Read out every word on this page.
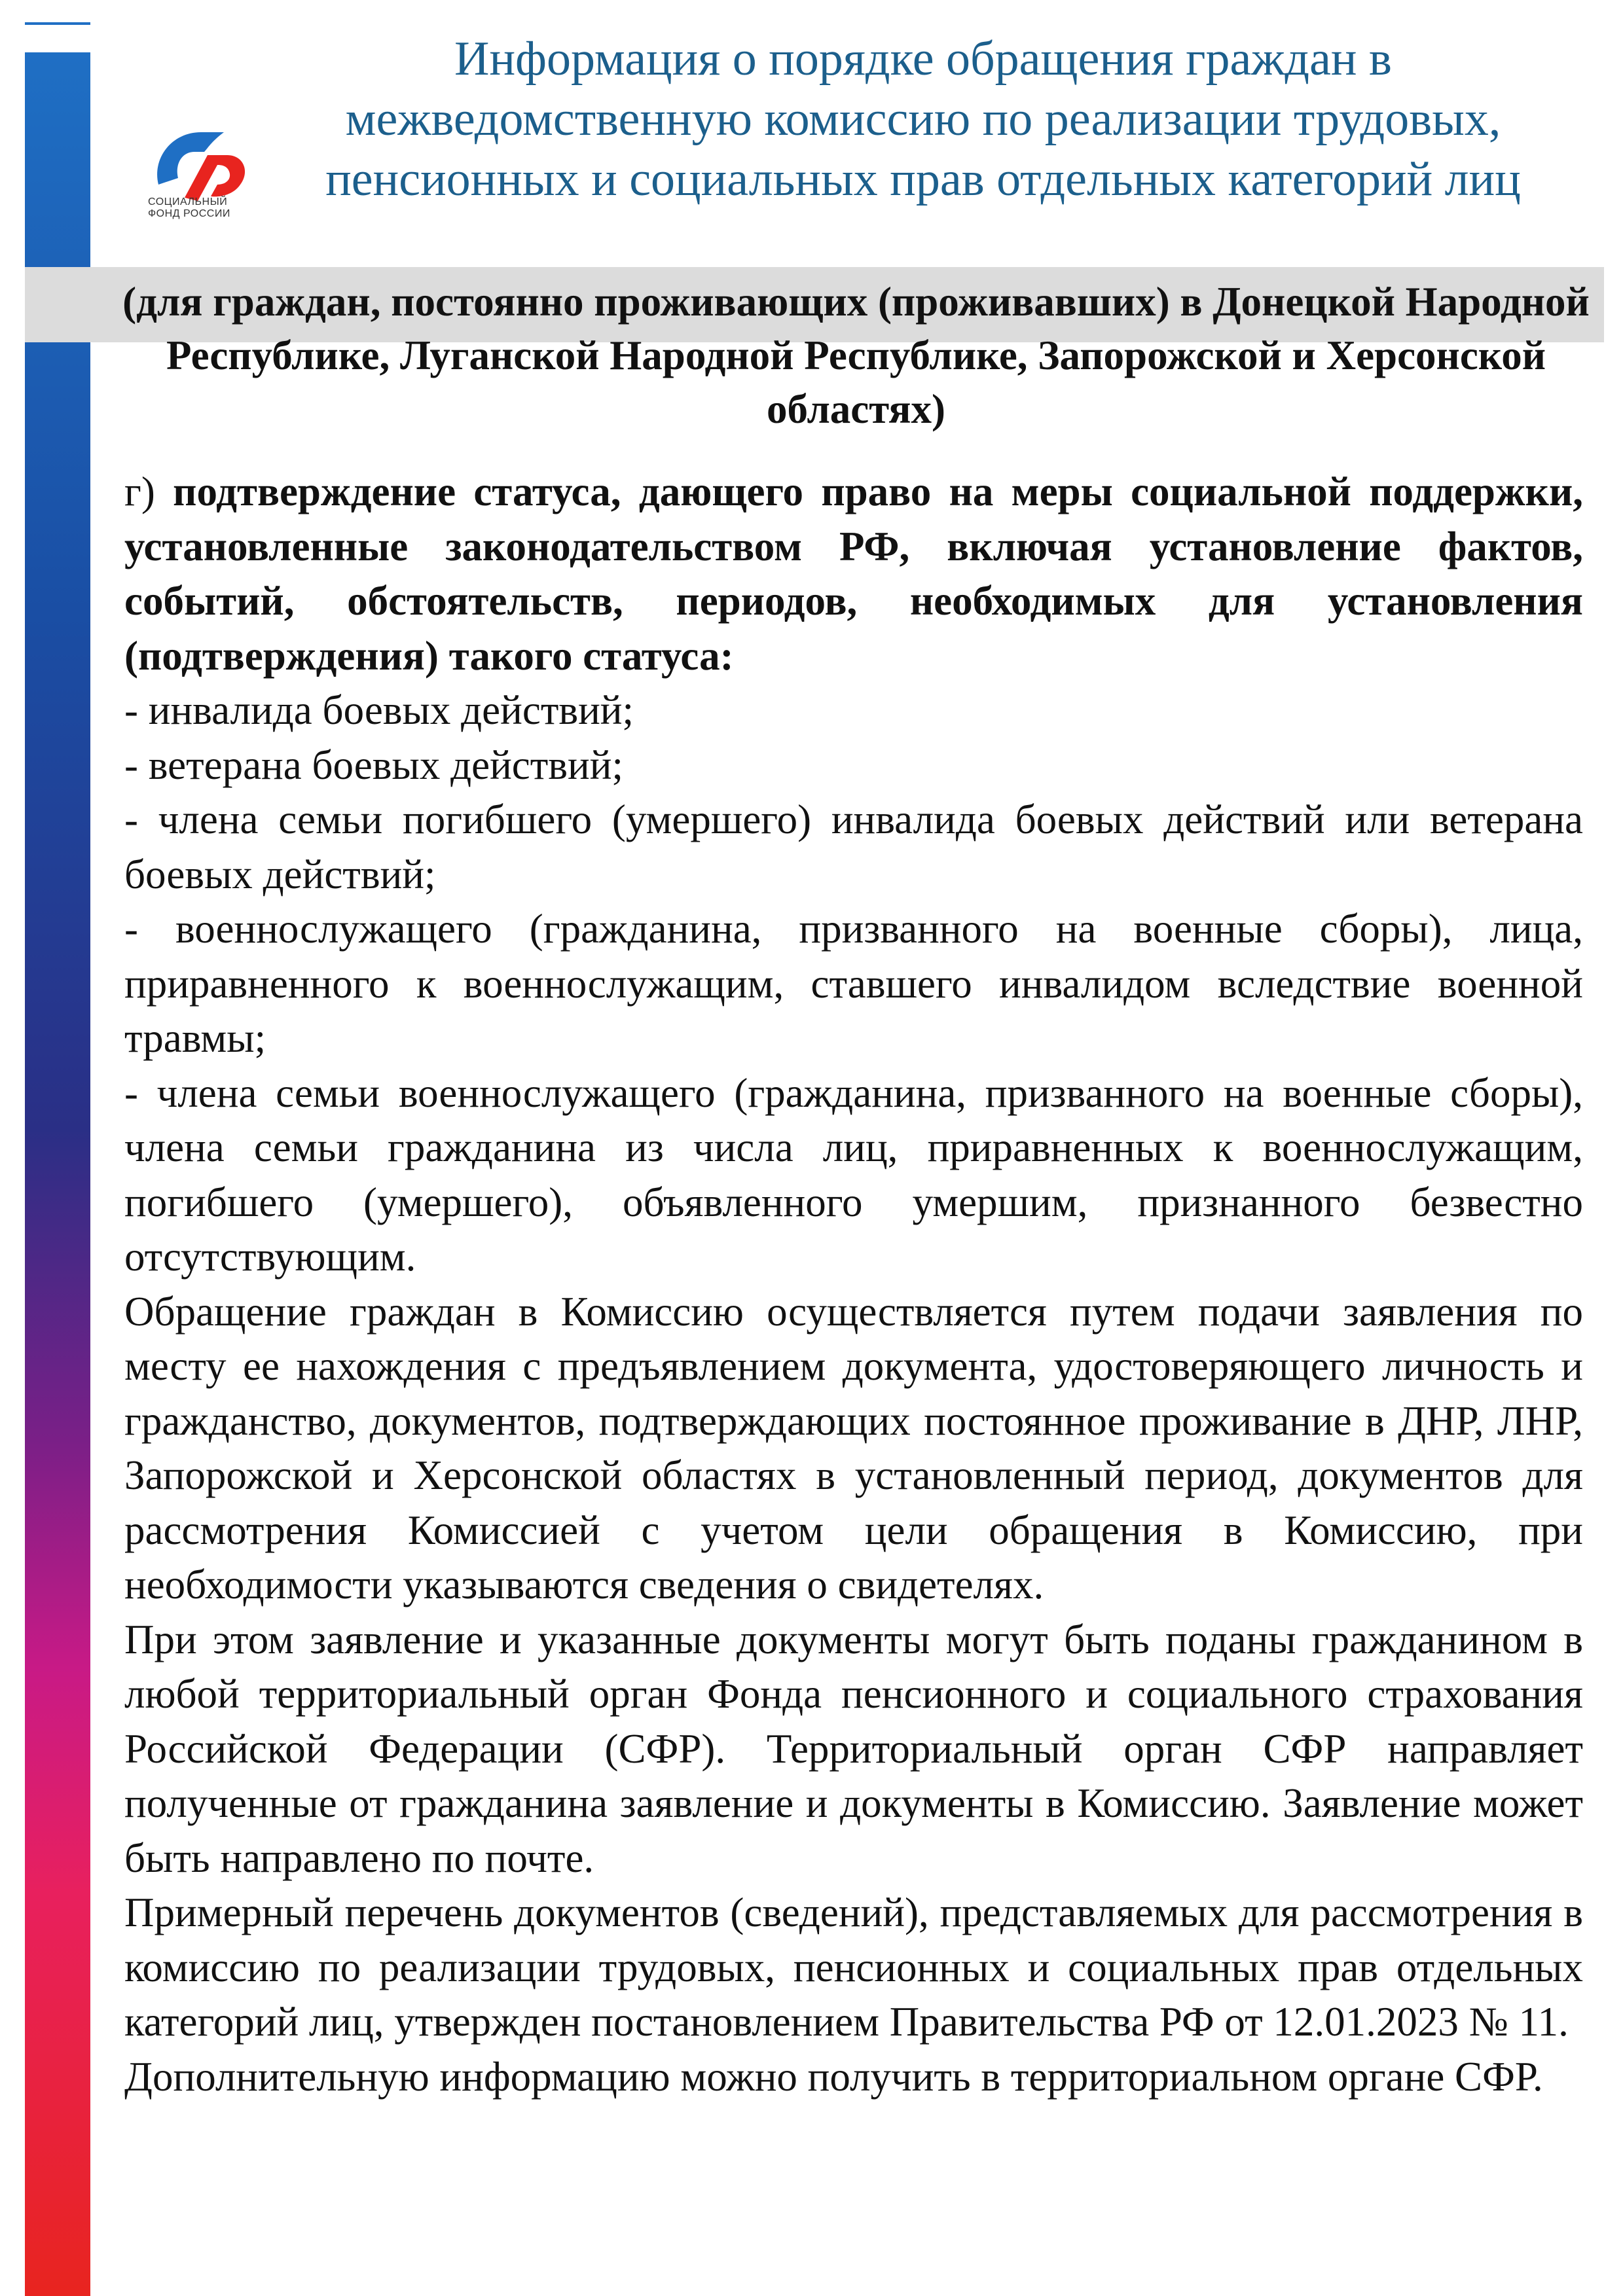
СОЦИАЛЬНЫЙ
ФОНД РОССИИ
Информация о порядке обращения граждан в межведомственную комиссию по реализации трудовых, пенсионных и социальных прав отдельных категорий лиц
(для граждан, постоянно проживающих (проживавших) в Донецкой Народной Республике, Луганской Народной Республике, Запорожской и Херсонской областях)

г) подтверждение статуса, дающего право на меры социальной поддержки, установленные законодательством РФ, включая установление фактов, событий, обстоятельств, периодов, необходимых для установления (подтверждения) такого статуса:

- инвалида боевых действий;

- ветерана боевых действий;

- члена семьи погибшего (умершего) инвалида боевых действий или ветерана боевых действий;

- военнослужащего (гражданина, призванного на военные сборы), лица, приравненного к военнослужащим, ставшего инвалидом вследствие военной травмы;

- члена семьи военнослужащего (гражданина, призванного на военные сборы), члена семьи гражданина из числа лиц, приравненных к военнослужащим, погибшего (умершего), объявленного умершим, признанного безвестно отсутствующим.

Обращение граждан в Комиссию осуществляется путем подачи заявления по месту ее нахождения с предъявлением документа, удостоверяющего личность и гражданство, документов, подтверждающих постоянное проживание в ДНР, ЛНР, Запорожской и Херсонской областях в установленный период, документов для рассмотрения Комиссией с учетом цели обращения в Комиссию, при необходимости указываются сведения о свидетелях.

При этом заявление и указанные документы могут быть поданы гражданином в любой территориальный орган Фонда пенсионного и социального страхования Российской Федерации (СФР). Территориальный орган СФР направляет полученные от гражданина заявление и документы в Комиссию. Заявление может быть направлено по почте.

Примерный перечень документов (сведений), представляемых для рассмотрения в комиссию по реализации трудовых, пенсионных и социальных прав отдельных категорий лиц, утвержден постановлением Правительства РФ от 12.01.2023 № 11.

Дополнительную информацию можно получить в территориальном органе СФР.
